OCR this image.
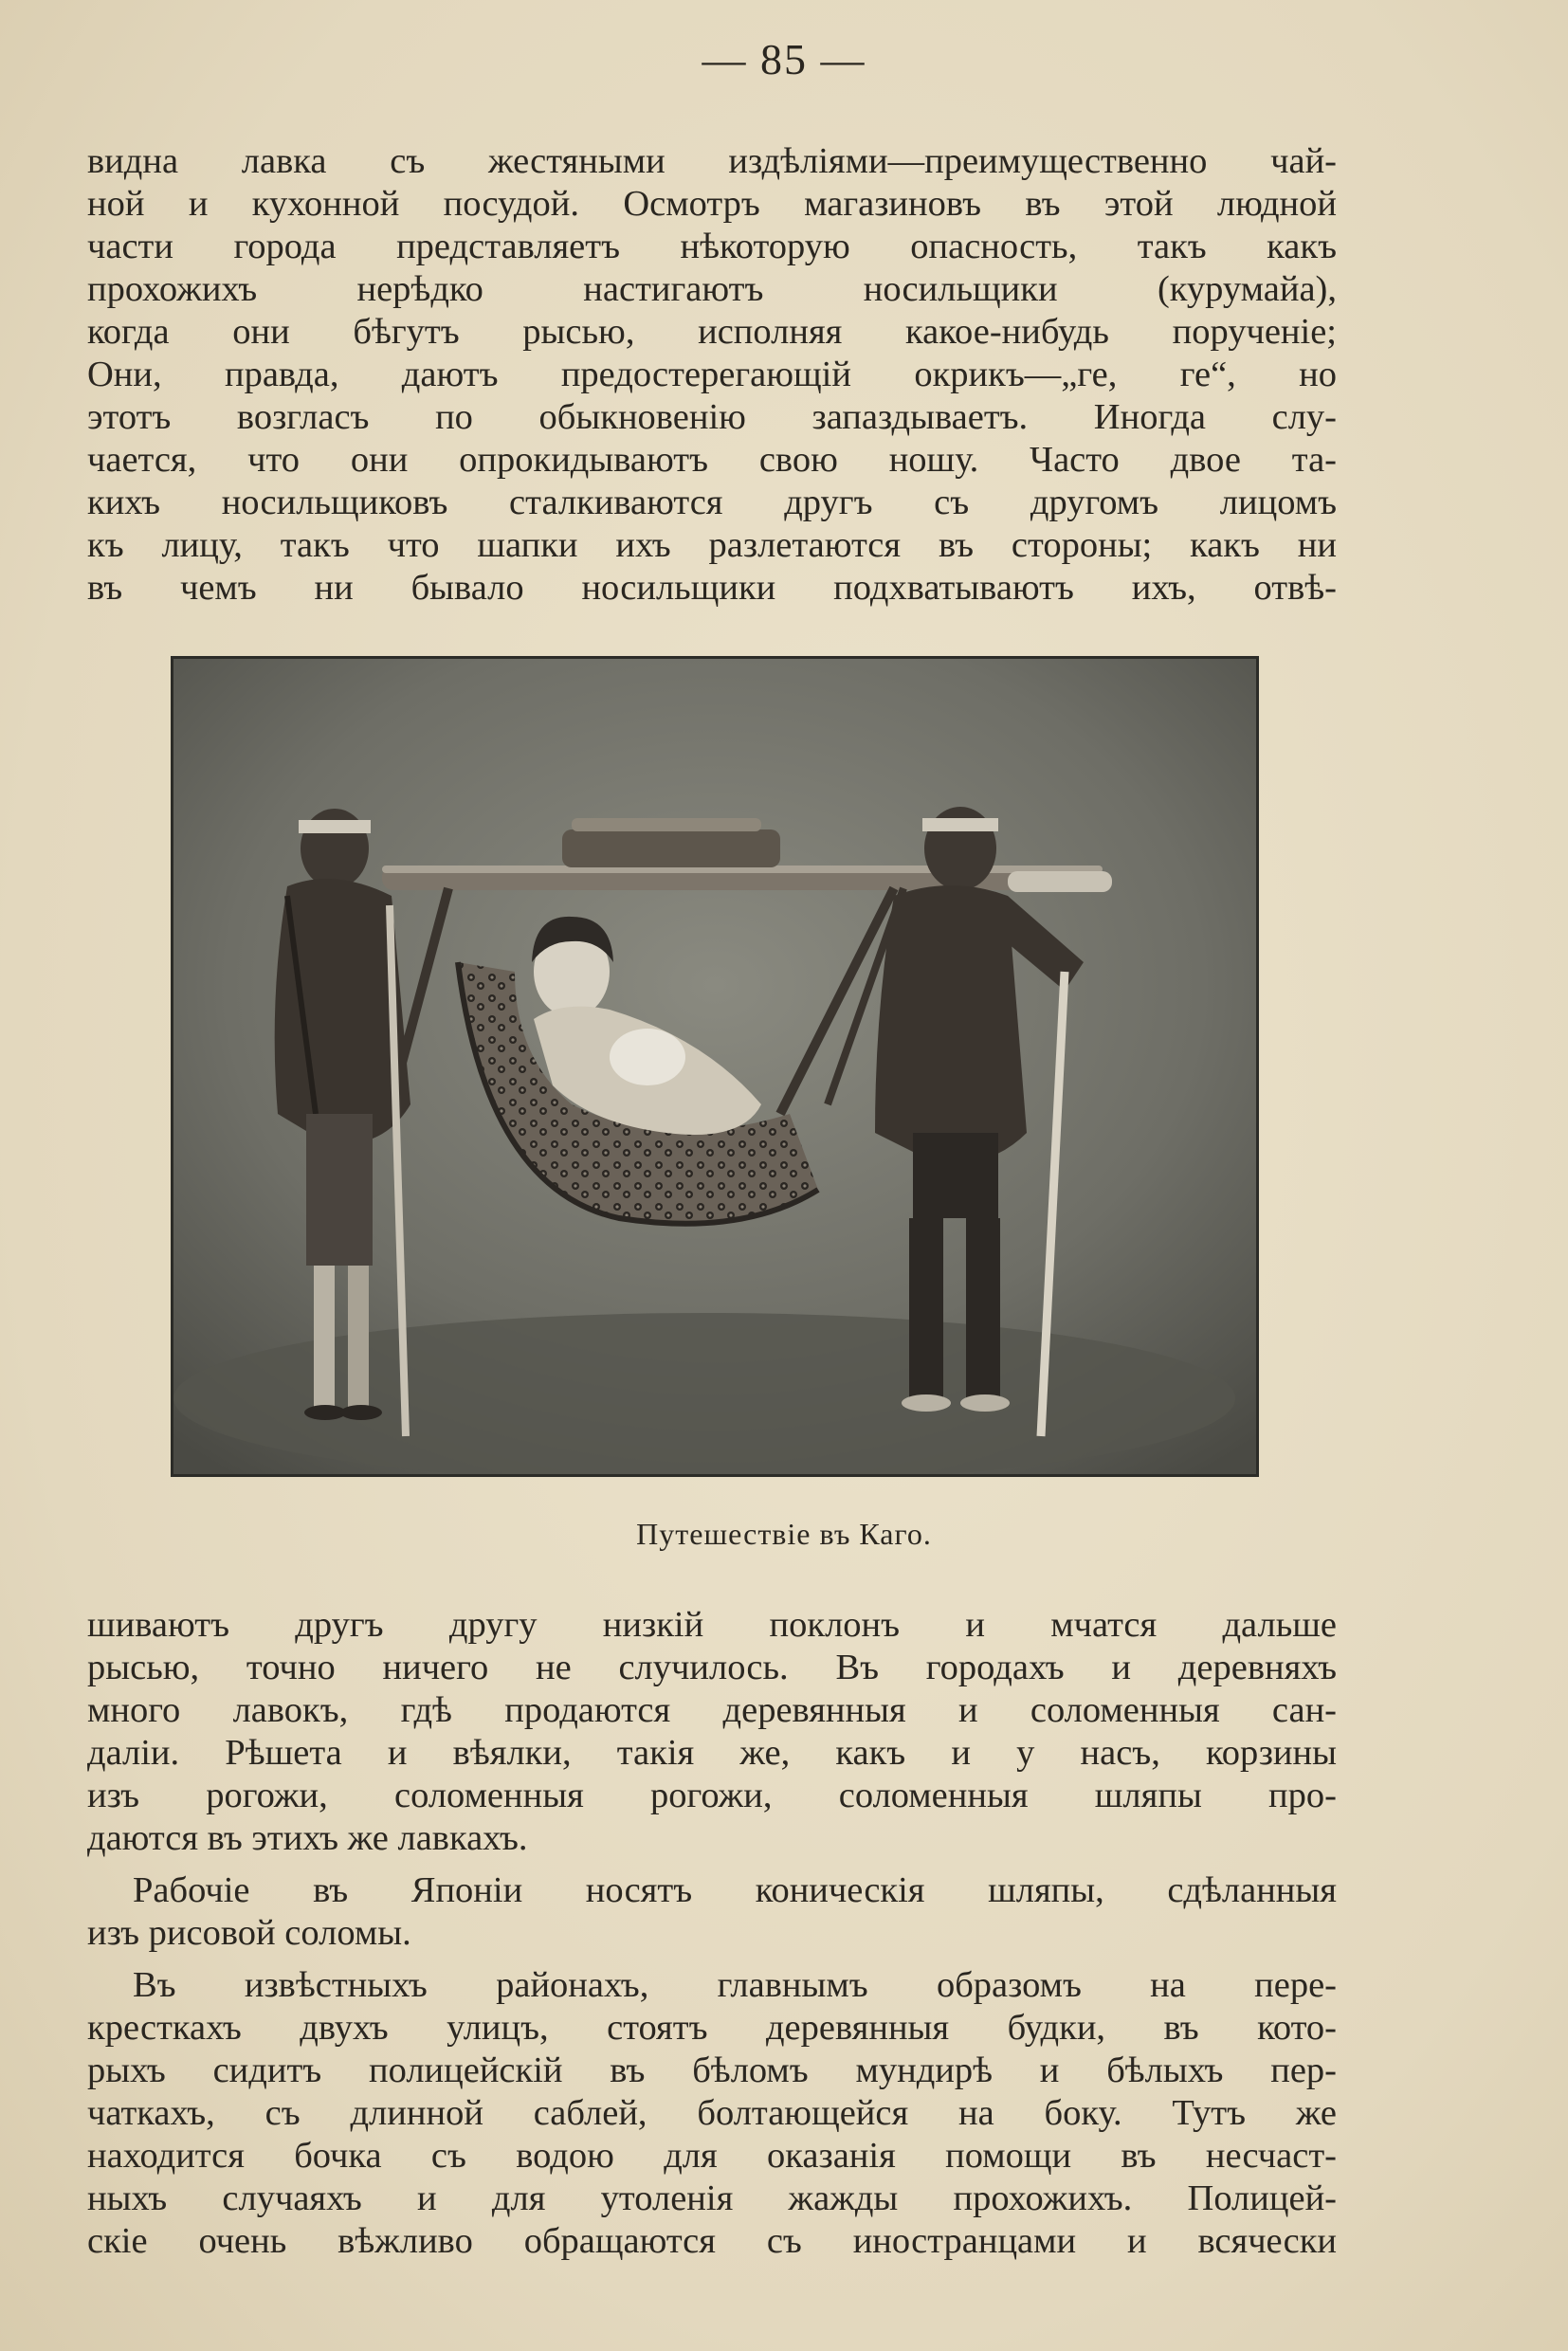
— 85 —
видна лавка съ жестяными издѣліями—преимущественно чай-
ной и кухонной посудой. Осмотръ магазиновъ въ этой людной
части города представляетъ нѣкоторую опасность, такъ какъ
прохожихъ нерѣдко настигаютъ носильщики (курумайа),
когда они бѣгутъ рысью, исполняя какое-нибудь порученіе;
Они, правда, даютъ предостерегающій окрикъ—„ге, ге“, но
этотъ возгласъ по обыкновенію запаздываетъ. Иногда слу-
чается, что они опрокидываютъ свою ношу. Часто двое та-
кихъ носильщиковъ сталкиваются другъ съ другомъ лицомъ
къ лицу, такъ что шапки ихъ разлетаются въ стороны; какъ ни
въ чемъ ни бывало носильщики подхватываютъ ихъ, отвѣ-
Путешествіе въ Каго.
шиваютъ другъ другу низкій поклонъ и мчатся дальше
рысью, точно ничего не случилось. Въ городахъ и деревняхъ
много лавокъ, гдѣ продаются деревянныя и соломенныя сан-
даліи. Рѣшета и вѣялки, такія же, какъ и у насъ, корзины
изъ рогожи, соломенныя рогожи, соломенныя шляпы про-
даются въ этихъ же лавкахъ.
Рабочіе въ Японіи носятъ коническія шляпы, сдѣланныя
изъ рисовой соломы.
Въ извѣстныхъ районахъ, главнымъ образомъ на пере-
кресткахъ двухъ улицъ, стоятъ деревянныя будки, въ кото-
рыхъ сидитъ полицейскій въ бѣломъ мундирѣ и бѣлыхъ пер-
чаткахъ, съ длинной саблей, болтающейся на боку. Тутъ же
находится бочка съ водою для оказанія помощи въ несчаст-
ныхъ случаяхъ и для утоленія жажды прохожихъ. Полицей-
скіе очень вѣжливо обращаются съ иностранцами и всячески
